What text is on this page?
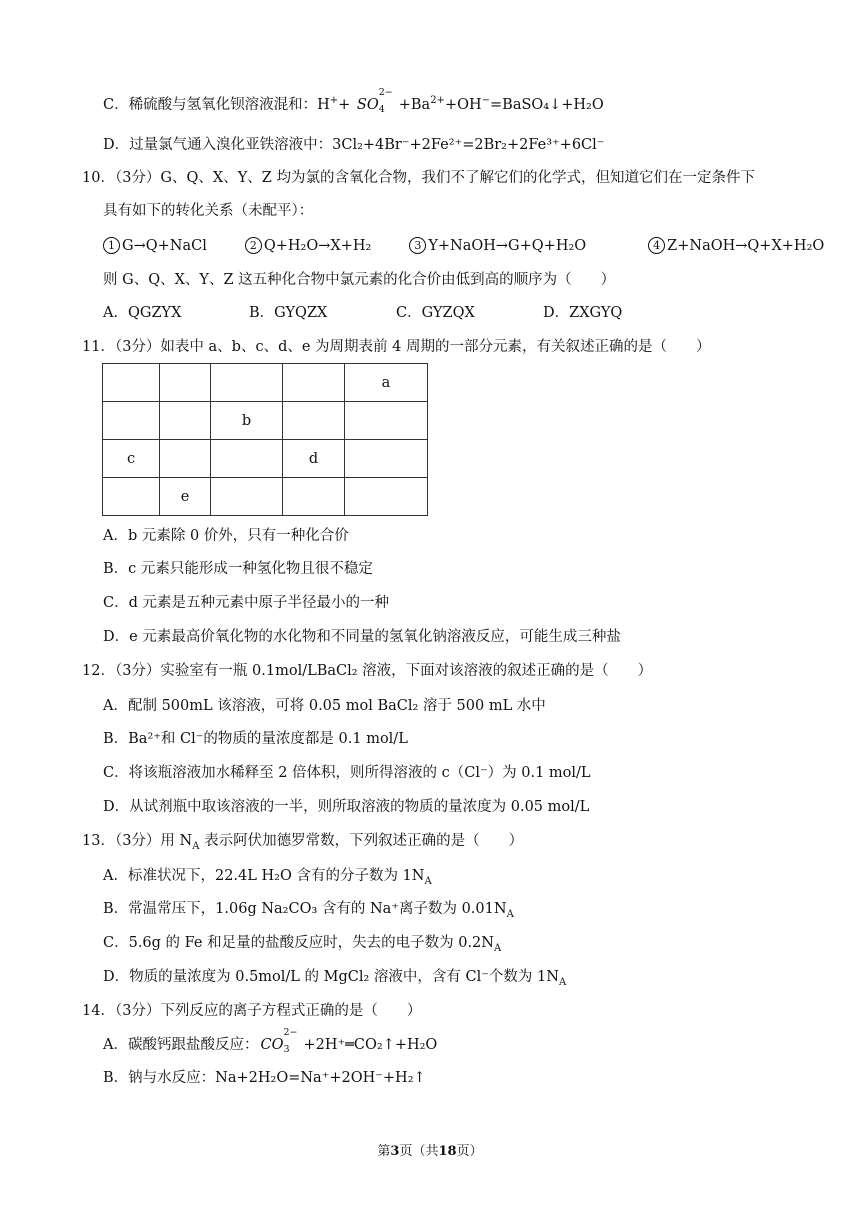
C．稀硫酸与氢氧化钡溶液混和：H++ SO
2−
$4 +Ba^{2+}+OH^-=BaSO_4↓+H_2O$
D．过量氯气通入溴化亚铁溶液中：3Cl₂+4Br⁻+2Fe²⁺=2Br₂+2Fe³⁺+6Cl⁻
10．（3分）G、Q、X、Y、Z 均为氯的含氧化合物，我们不了解它们的化学式，但知道它们在一定条件下
具有如下的转化关系（未配平）：
1 G→Q+NaCl	2 Q+H₂O→X+H₂	3 Y+NaOH→G+Q+H₂O	4 Z+NaOH→Q+X+H₂O
则 G、Q、X、Y、Z 这五种化合物中氯元素的化合价由低到高的顺序为（　　）
A．QGZYX	B．GYQZX	C．GYZQX	D．ZXGYQ
11．（3分）如表中 a、b、c、d、e 为周期表前 4 周期的一部分元素，有关叙述正确的是（　　）
				a
		b		
c			d	
	e			
A．b 元素除 0 价外，只有一种化合价
B．c 元素只能形成一种氢化物且很不稳定
C．d 元素是五种元素中原子半径最小的一种
D．e 元素最高价氧化物的水化物和不同量的氢氧化钠溶液反应，可能生成三种盐
12．（3分）实验室有一瓶 0.1mol/LBaCl₂ 溶液，下面对该溶液的叙述正确的是（　　）
A．配制 500mL 该溶液，可将 0.05 mol BaCl₂ 溶于 500 mL 水中
B．Ba²⁺和 Cl⁻的物质的量浓度都是 0.1 mol/L
C．将该瓶溶液加水稀释至 2 倍体积，则所得溶液的 c（Cl⁻）为 0.1 mol/L
D．从试剂瓶中取该溶液的一半，则所取溶液的物质的量浓度为 0.05 mol/L
13．（3分）用 $N_A$ 表示阿伏加德罗常数，下列叙述正确的是（　　）
A．标准状况下，22.4L H₂O 含有的分子数为 $1N_A$
B．常温常压下，1.06g Na₂CO₃ 含有的 Na⁺离子数为 $0.01N_A$
C．5.6g 的 Fe 和足量的盐酸反应时，失去的电子数为 $0.2N_A$
D．物质的量浓度为 0.5mol/L 的 MgCl₂ 溶液中，含有 Cl⁻个数为 $1N_A$
14．（3分）下列反应的离子方程式正确的是（　　）
A．碳酸钙跟盐酸反应： CO
2−
3 +2H⁺═CO₂↑+H₂O
B．钠与水反应：Na+2H₂O=Na⁺+2OH⁻+H₂↑
第3页（共18页）
